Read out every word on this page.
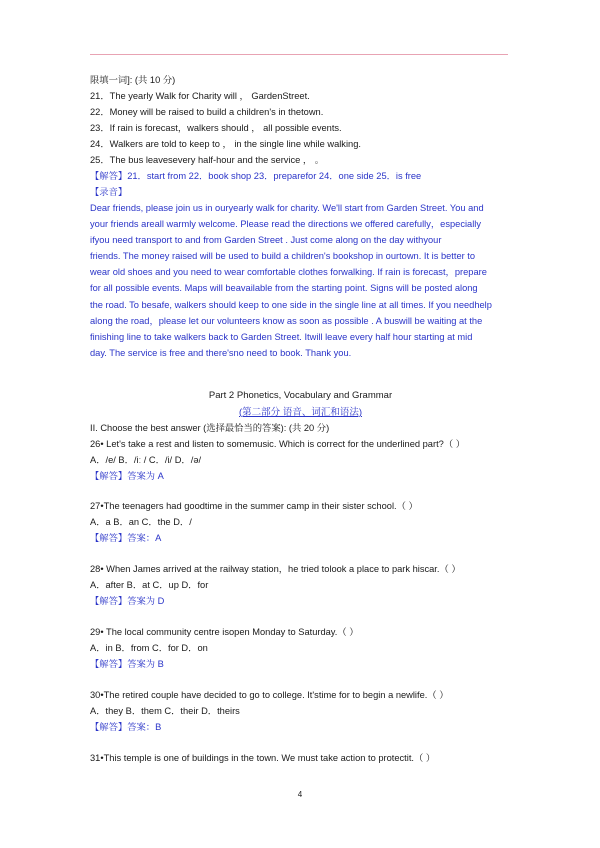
限填一词]: (共 10 分)
21．The yearly Walk for Charity will ， GardenStreet.
22．Money will be raised to build a children's in thetown.
23．If rain is forecast，walkers should ， all possible events.
24．Walkers are told to keep to ， in the single line while walking.
25．The bus leavesevery half-hour and the service ， 。
【解答】21．start from 22．book shop 23．preparefor 24．one side 25．is free
【录音】
Dear friends, please join us in ouryearly walk for charity. We'll start from Garden Street. You and
your friends areall warmly welcome. Please read the directions we offered carefully，especially
ifyou need transport to and from Garden Street . Just come along on the day withyour
friends. The money raised will be used to build a children's bookshop in ourtown. It is better to
wear old shoes and you need to wear comfortable clothes forwalking. If rain is forecast，prepare
for all possible events. Maps will beavailable from the starting point. Signs will be posted along
the road. To besafe, walkers should keep to one side in the single line at all times. If you needhelp
along the road，please let our volunteers know as soon as possible . A buswill be waiting at the
finishing line to take walkers back to Garden Street. Itwill leave every half hour starting at mid
day. The service is free and there'sno need to book. Thank you.
Part 2 Phonetics, Vocabulary and Grammar
(第二部分 语音、词汇和语法)
II. Choose the best answer (选择最恰当的答案): (共 20 分)
26• Let's take a rest and listen to somemusic. Which is correct for the underlined part?（ ）
A．/e/ B．/iː / C．/i/ D．/ə/
【解答】答案为 A
27•The teenagers had goodtime in the summer camp in their sister school.（ ）
A．a B．an C．the D．/
【解答】答案：A
28• When James arrived at the railway station，he tried tolook a place to park hiscar.（ ）
A．after B．at C．up D．for
【解答】答案为 D
29• The local community centre isopen Monday to Saturday.（ ）
A．in B．from C．for D．on
【解答】答案为 B
30•The retired couple have decided to go to college. It'stime for to begin a newlife.（ ）
A．they B．them C．their D．theirs
【解答】答案：B
31•This temple is one of buildings in the town. We must take action to protectit.（ ）
4
